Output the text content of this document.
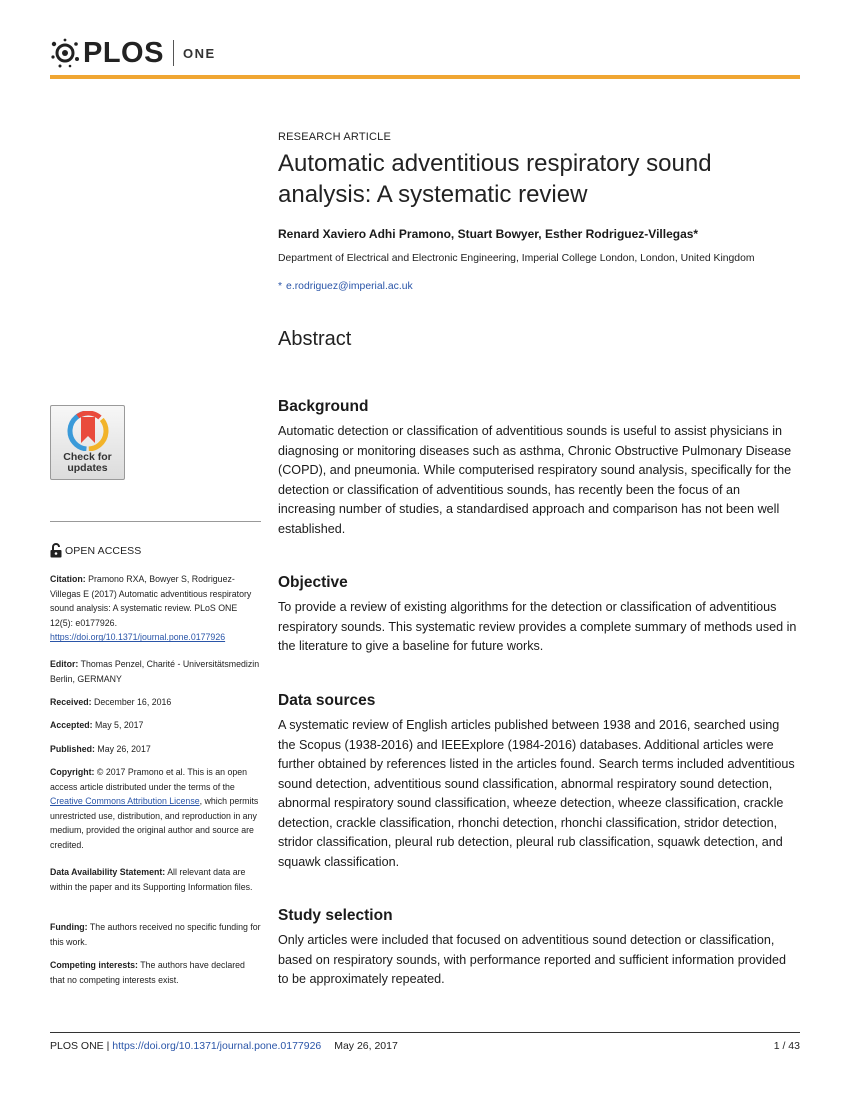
PLOS ONE
RESEARCH ARTICLE
Automatic adventitious respiratory sound analysis: A systematic review
Renard Xaviero Adhi Pramono, Stuart Bowyer, Esther Rodriguez-Villegas*
Department of Electrical and Electronic Engineering, Imperial College London, London, United Kingdom
* e.rodriguez@imperial.ac.uk
Abstract
Background

Automatic detection or classification of adventitious sounds is useful to assist physicians in diagnosing or monitoring diseases such as asthma, Chronic Obstructive Pulmonary Disease (COPD), and pneumonia. While computerised respiratory sound analysis, specifically for the detection or classification of adventitious sounds, has recently been the focus of an increasing number of studies, a standardised approach and comparison has not been well established.

Objective

To provide a review of existing algorithms for the detection or classification of adventitious respiratory sounds. This systematic review provides a complete summary of methods used in the literature to give a baseline for future works.

Data sources

A systematic review of English articles published between 1938 and 2016, searched using the Scopus (1938-2016) and IEEExplore (1984-2016) databases. Additional articles were further obtained by references listed in the articles found. Search terms included adventitious sound detection, adventitious sound classification, abnormal respiratory sound detection, abnormal respiratory sound classification, wheeze detection, wheeze classification, crackle detection, crackle classification, rhonchi detection, rhonchi classification, stridor detection, stridor classification, pleural rub detection, pleural rub classification, squawk detection, and squawk classification.

Study selection

Only articles were included that focused on adventitious sound detection or classification, based on respiratory sounds, with performance reported and sufficient information provided to be approximately repeated.

Check for
updates
OPEN ACCESS
Citation: Pramono RXA, Bowyer S, Rodriguez-Villegas E (2017) Automatic adventitious respiratory sound analysis: A systematic review. PLoS ONE 12(5): e0177926. https://doi.org/10.1371/journal.pone.0177926
Editor: Thomas Penzel, Charité - Universitätsmedizin Berlin, GERMANY
Received: December 16, 2016
Accepted: May 5, 2017
Published: May 26, 2017
Copyright: © 2017 Pramono et al. This is an open access article distributed under the terms of the Creative Commons Attribution License, which permits unrestricted use, distribution, and reproduction in any medium, provided the original author and source are credited.
Data Availability Statement: All relevant data are within the paper and its Supporting Information files.
Funding: The authors received no specific funding for this work.
Competing interests: The authors have declared that no competing interests exist.
PLOS ONE | https://doi.org/10.1371/journal.pone.0177926 May 26, 2017	1 / 43
